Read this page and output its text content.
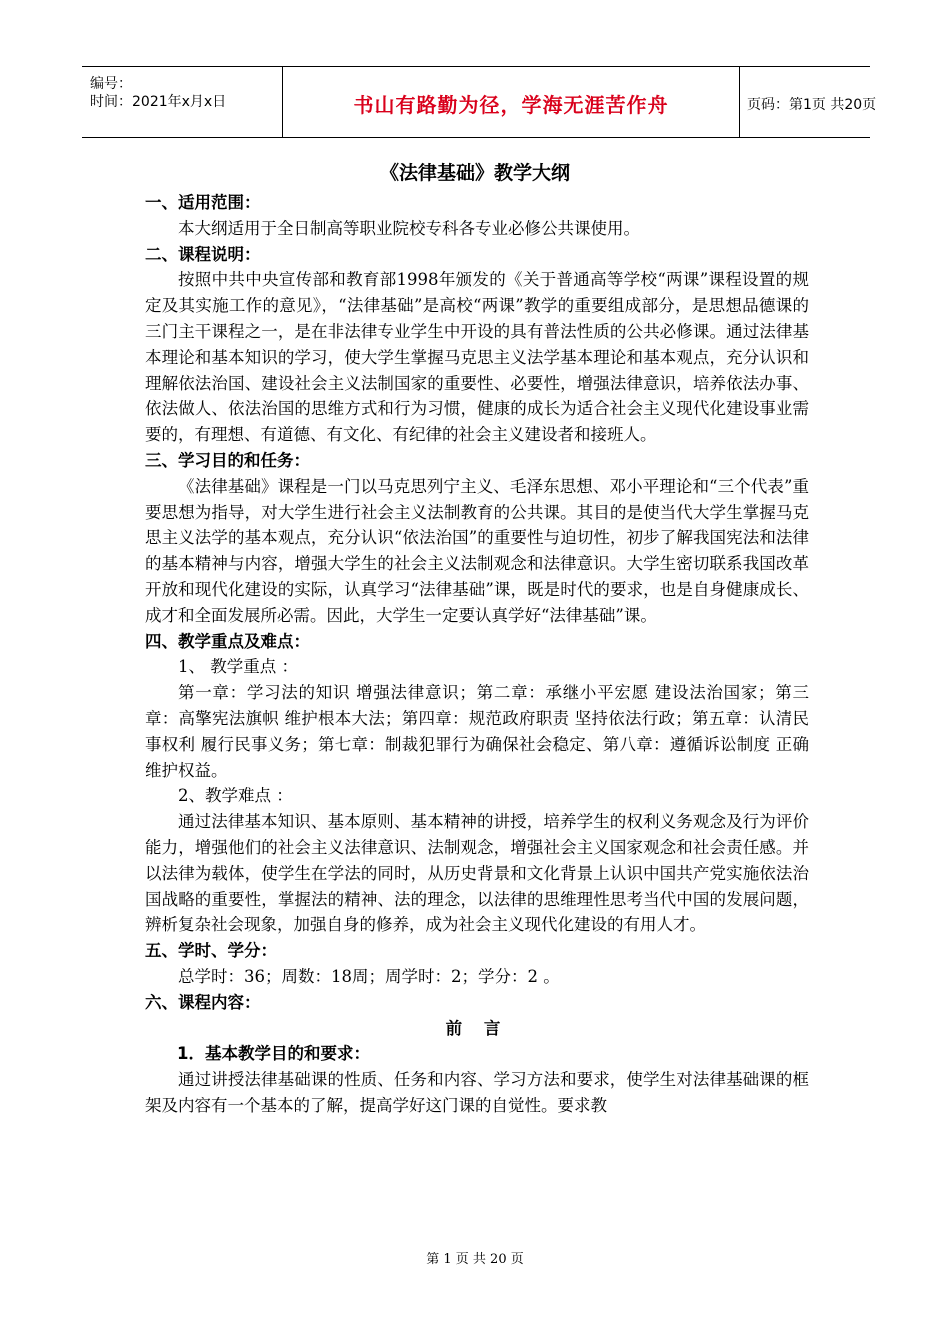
编号：
时间：2021年x月x日	书山有路勤为径，学海无涯苦作舟	页码：第1页 共20页
《法律基础》教学大纲

一、适用范围：

本大纲适用于全日制高等职业院校专科各专业必修公共课使用。

二、课程说明：

按照中共中央宣传部和教育部1998年颁发的《关于普通高等学校“两课”课程设置的规定及其实施工作的意见》，“法律基础”是高校“两课”教学的重要组成部分，是思想品德课的三门主干课程之一，是在非法律专业学生中开设的具有普法性质的公共必修课。通过法律基本理论和基本知识的学习，使大学生掌握马克思主义法学基本理论和基本观点，充分认识和理解依法治国、建设社会主义法制国家的重要性、必要性，增强法律意识，培养依法办事、依法做人、依法治国的思维方式和行为习惯，健康的成长为适合社会主义现代化建设事业需要的，有理想、有道德、有文化、有纪律的社会主义建设者和接班人。

三、学习目的和任务：

《法律基础》课程是一门以马克思列宁主义、毛泽东思想、邓小平理论和“三个代表”重要思想为指导，对大学生进行社会主义法制教育的公共课。其目的是使当代大学生掌握马克思主义法学的基本观点，充分认识“依法治国”的重要性与迫切性，初步了解我国宪法和法律的基本精神与内容，增强大学生的社会主义法制观念和法律意识。大学生密切联系我国改革开放和现代化建设的实际，认真学习“法律基础”课，既是时代的要求，也是自身健康成长、成才和全面发展所必需。因此，大学生一定要认真学好“法律基础”课。

四、教学重点及难点：

1、 教学重点 ：

第一章：学习法的知识 增强法律意识；第二章：承继小平宏愿 建设法治国家；第三章：高擎宪法旗帜 维护根本大法；第四章：规范政府职责 坚持依法行政；第五章：认清民事权利 履行民事义务；第七章：制裁犯罪行为确保社会稳定、第八章：遵循诉讼制度 正确维护权益。

2、教学难点 ：

通过法律基本知识、基本原则、基本精神的讲授，培养学生的权利义务观念及行为评价能力，增强他们的社会主义法律意识、法制观念，增强社会主义国家观念和社会责任感。并以法律为载体，使学生在学法的同时，从历史背景和文化背景上认识中国共产党实施依法治国战略的重要性，掌握法的精神、法的理念，以法律的思维理性思考当代中国的发展问题，辨析复杂社会现象，加强自身的修养，成为社会主义现代化建设的有用人才。

五、学时、学分：

总学时：36；周数：18周；周学时：2；学分：2 。

六、课程内容：

前 言

1．基本教学目的和要求：

通过讲授法律基础课的性质、任务和内容、学习方法和要求，使学生对法律基础课的框架及内容有一个基本的了解，提高学好这门课的自觉性。要求教

第 1 页 共 20 页
